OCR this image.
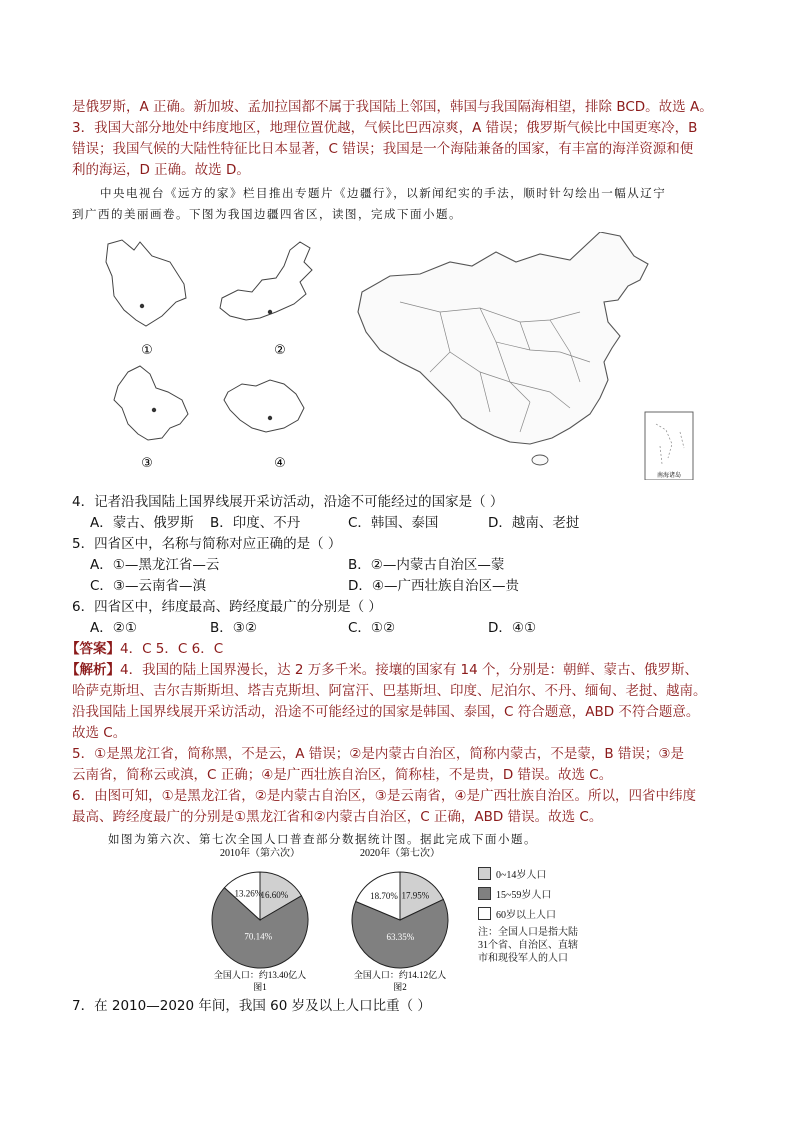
是俄罗斯，A 正确。新加坡、孟加拉国都不属于我国陆上邻国，韩国与我国隔海相望，排除 BCD。故选 A。
3．我国大部分地处中纬度地区，地理位置优越，气候比巴西凉爽，A 错误；俄罗斯气候比中国更寒冷，B
错误；我国气候的大陆性特征比日本显著，C 错误；我国是一个海陆兼备的国家，有丰富的海洋资源和便
利的海运，D 正确。故选 D。
中央电视台《远方的家》栏目推出专题片《边疆行》，以新闻纪实的手法，顺时针勾绘出一幅从辽宁
到广西的美丽画卷。下图为我国边疆四省区，读图，完成下面小题。
①	②
③	④
南海诸岛
4．记者沿我国陆上国界线展开采访活动，沿途不可能经过的国家是（ ）
A．蒙古、俄罗斯 B．印度、不丹	C．韩国、泰国	D．越南、老挝
5．四省区中，名称与简称对应正确的是（ ）
A．①—黑龙江省—云	B．②—内蒙古自治区—蒙
C．③—云南省—滇	D．④—广西壮族自治区—贵
6．四省区中，纬度最高、跨经度最广的分别是（ ）
A．②①	B．③②	C．①②	D．④①
【答案】4．C 5．C 6．C
【解析】4．我国的陆上国界漫长，达 2 万多千米。接壤的国家有 14 个，分别是：朝鲜、蒙古、俄罗斯、
哈萨克斯坦、吉尔吉斯斯坦、塔吉克斯坦、阿富汗、巴基斯坦、印度、尼泊尔、不丹、缅甸、老挝、越南。
沿我国陆上国界线展开采访活动，沿途不可能经过的国家是韩国、泰国，C 符合题意，ABD 不符合题意。
故选 C。
5．①是黑龙江省，简称黑，不是云，A 错误；②是内蒙古自治区，简称内蒙古，不是蒙，B 错误；③是
云南省，简称云或滇，C 正确；④是广西壮族自治区，简称桂，不是贵，D 错误。故选 C。
6．由图可知，①是黑龙江省，②是内蒙古自治区，③是云南省，④是广西壮族自治区。所以，四省中纬度
最高、跨经度最广的分别是①黑龙江省和②内蒙古自治区，C 正确，ABD 错误。故选 C。
如图为第六次、第七次全国人口普查部分数据统计图。据此完成下面小题。
16.60%
70.14%
13.26%
2010年（第六次）
全国人口：约13.40亿人
图1
17.95%
63.35%
18.70%
2020年（第七次）
全国人口：约14.12亿人
图2
0~14岁人口
15~59岁人口
60岁以上人口
注：全国人口是指大陆
31个省、自治区、直辖
市和现役军人的人口
7．在 2010—2020 年间，我国 60 岁及以上人口比重（ ）
